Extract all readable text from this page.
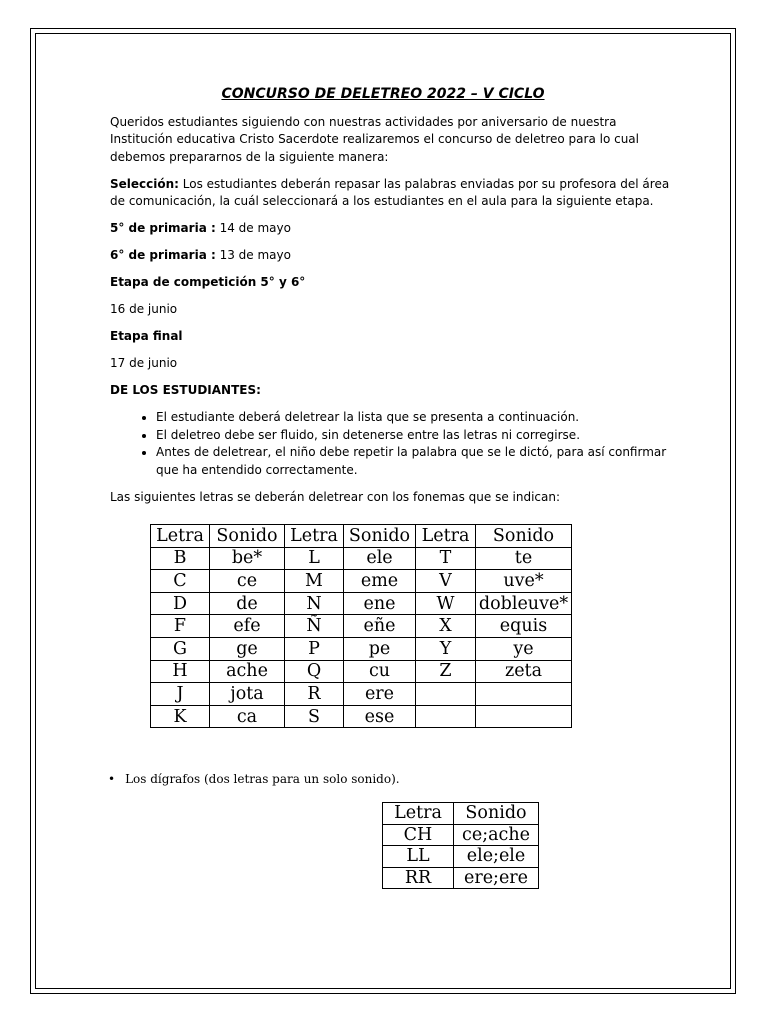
CONCURSO DE DELETREO 2022 – V CICLO

Queridos estudiantes siguiendo con nuestras actividades por aniversario de nuestra Institución educativa Cristo Sacerdote realizaremos el concurso de deletreo para lo cual debemos prepararnos de la siguiente manera:

Selección: Los estudiantes deberán repasar las palabras enviadas por su profesora del área de comunicación, la cuál seleccionará a los estudiantes en el aula para la siguiente etapa.

5° de primaria : 14 de mayo

6° de primaria : 13 de mayo

Etapa de competición 5° y 6°

16 de junio

Etapa final

17 de junio

DE LOS ESTUDIANTES:

• El estudiante deberá deletrear la lista que se presenta a continuación.
• El deletreo debe ser fluido, sin detenerse entre las letras ni corregirse.
• Antes de deletrear, el niño debe repetir la palabra que se le dictó, para así confirmar que ha entendido correctamente.

Las siguientes letras se deberán deletrear con los fonemas que se indican:

Letra	Sonido	Letra	Sonido	Letra	Sonido
B	be*	L	ele	T	te
C	ce	M	eme	V	uve*
D	de	N	ene	W	dobleuve*
F	efe	Ñ	eñe	X	equis
G	ge	P	pe	Y	ye
H	ache	Q	cu	Z	zeta
J	jota	R	ere		
K	ca	S	ese		
• Los dígrafos (dos letras para un solo sonido).
Letra	Sonido
CH	ce;ache
LL	ele;ele
RR	ere;ere
